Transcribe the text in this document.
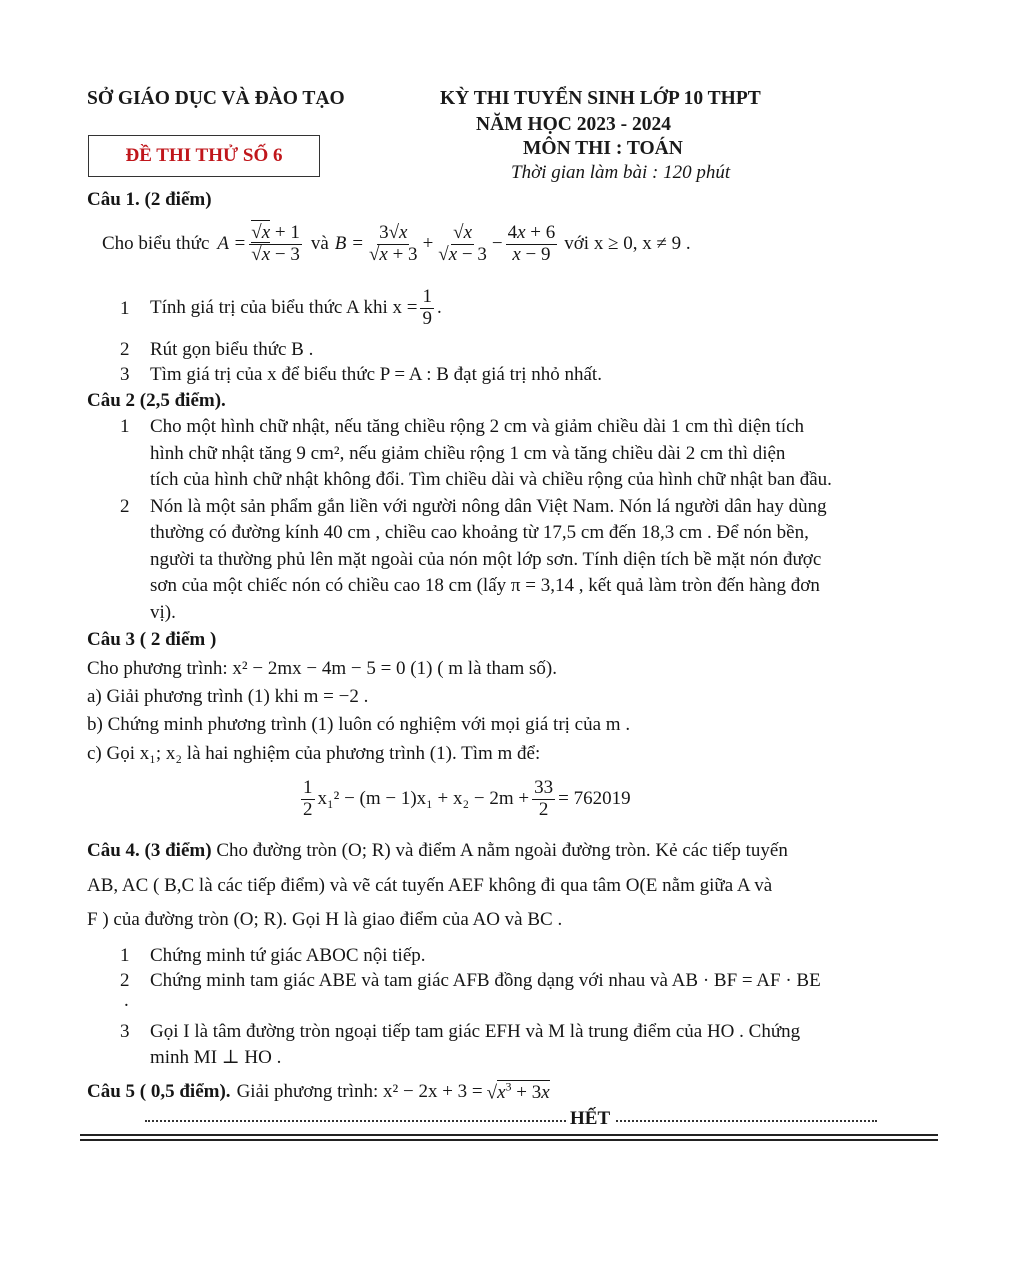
SỞ GIÁO DỤC VÀ ĐÀO TẠO	KỲ THI TUYỂN SINH LỚP 10 THPT
NĂM HỌC 2023 - 2024
MÔN THI : TOÁN
Thời gian làm bài : 120 phút
ĐỀ THI THỬ SỐ 6
Câu 1. (2 điểm)
Cho biểu thức $A = \frac{√x + 1}{√x - 3}$ và $B = \frac{3√x}{√x + 3} + \frac{√x}{√x - 3} - \frac{4x + 6}{x - 9}$ với x ≥ 0, x ≠ 9 .
1	Tính giá trị của biểu thức A khi $x = \frac{1}{9}$ .
2	Rút gọn biểu thức B .
3	Tìm giá trị của x để biểu thức P = A : B đạt giá trị nhỏ nhất.
Câu 2 (2,5 điểm).
1	Cho một hình chữ nhật, nếu tăng chiều rộng 2 cm và giảm chiều dài 1 cm thì diện tích
hình chữ nhật tăng 9 cm², nếu giảm chiều rộng 1 cm và tăng chiều dài 2 cm thì diện
tích của hình chữ nhật không đổi. Tìm chiều dài và chiều rộng của hình chữ nhật ban đầu.
2	Nón là một sản phẩm gắn liền với người nông dân Việt Nam. Nón lá người dân hay dùng
thường có đường kính 40 cm , chiều cao khoảng từ 17,5 cm đến 18,3 cm . Để nón bền,
người ta thường phủ lên mặt ngoài của nón một lớp sơn. Tính diện tích bề mặt nón được
sơn của một chiếc nón có chiều cao 18 cm (lấy π = 3,14 , kết quả làm tròn đến hàng đơn
vị).
Câu 3 ( 2 điểm )
Cho phương trình: x² − 2mx − 4m − 5 = 0 (1) ( m là tham số).
a) Giải phương trình (1) khi m = −2 .
b) Chứng minh phương trình (1) luôn có nghiệm với mọi giá trị của m .
c) Gọi x₁; x₂ là hai nghiệm của phương trình (1). Tìm m để:
$\frac{1}{2} x_1^2 - (m - 1)x_1 + x_2 - 2m + \frac{33}{2} = 762019$
Câu 4. (3 điểm) Cho đường tròn (O; R) và điểm A nằm ngoài đường tròn. Kẻ các tiếp tuyến
AB, AC ( B,C là các tiếp điểm) và vẽ cát tuyến AEF không đi qua tâm O(E nằm giữa A và
F ) của đường tròn (O; R). Gọi H là giao điểm của AO và BC .
1	Chứng minh tứ giác ABOC nội tiếp.
2	Chứng minh tam giác ABE và tam giác AFB đồng dạng với nhau và AB · BF = AF · BE
.
3	Gọi I là tâm đường tròn ngoại tiếp tam giác EFH và M là trung điểm của HO . Chứng
minh MI ⊥ HO .
Câu 5 ( 0,5 điểm). Giải phương trình: $x^2 - 2x + 3 = √x^3 + 3x$
HẾT
